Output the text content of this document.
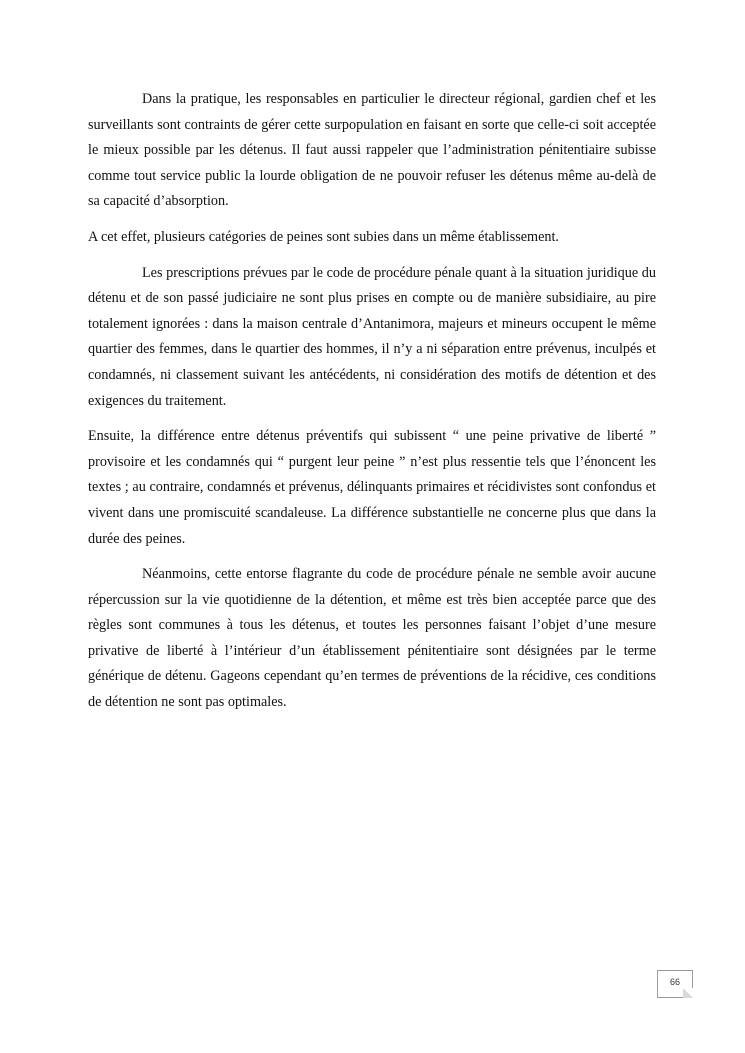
Dans la pratique, les responsables en particulier le directeur régional, gardien chef et les surveillants sont contraints de gérer cette surpopulation en faisant en sorte que celle-ci soit acceptée le mieux possible par les détenus. Il faut aussi rappeler que l’administration pénitentiaire subisse comme tout service public la lourde obligation de ne pouvoir refuser les détenus même au-delà de sa capacité d’absorption.

A cet effet, plusieurs catégories de peines sont subies dans un même établissement.

Les prescriptions prévues par le code de procédure pénale quant à la situation juridique du détenu et de son passé judiciaire ne sont plus prises en compte ou de manière subsidiaire, au pire totalement ignorées : dans la maison centrale d’Antanimora, majeurs et mineurs occupent le même quartier des femmes, dans le quartier des hommes, il n’y a ni séparation entre prévenus, inculpés et condamnés, ni classement suivant les antécédents, ni considération des motifs de détention et des exigences du traitement.

Ensuite, la différence entre détenus préventifs qui subissent “ une peine privative de liberté ” provisoire et les condamnés qui “ purgent leur peine ” n’est plus ressentie tels que l’énoncent les textes ; au contraire, condamnés et prévenus, délinquants primaires et récidivistes sont confondus et vivent dans une promiscuité scandaleuse. La différence substantielle ne concerne plus que dans la durée des peines.

Néanmoins, cette entorse flagrante du code de procédure pénale ne semble avoir aucune répercussion sur la vie quotidienne de la détention, et même est très bien acceptée parce que des règles sont communes à tous les détenus, et toutes les personnes faisant l’objet d’une mesure privative de liberté à l’intérieur d’un établissement pénitentiaire sont désignées par le terme générique de détenu. Gageons cependant qu’en termes de préventions de la récidive, ces conditions de détention ne sont pas optimales.

66
